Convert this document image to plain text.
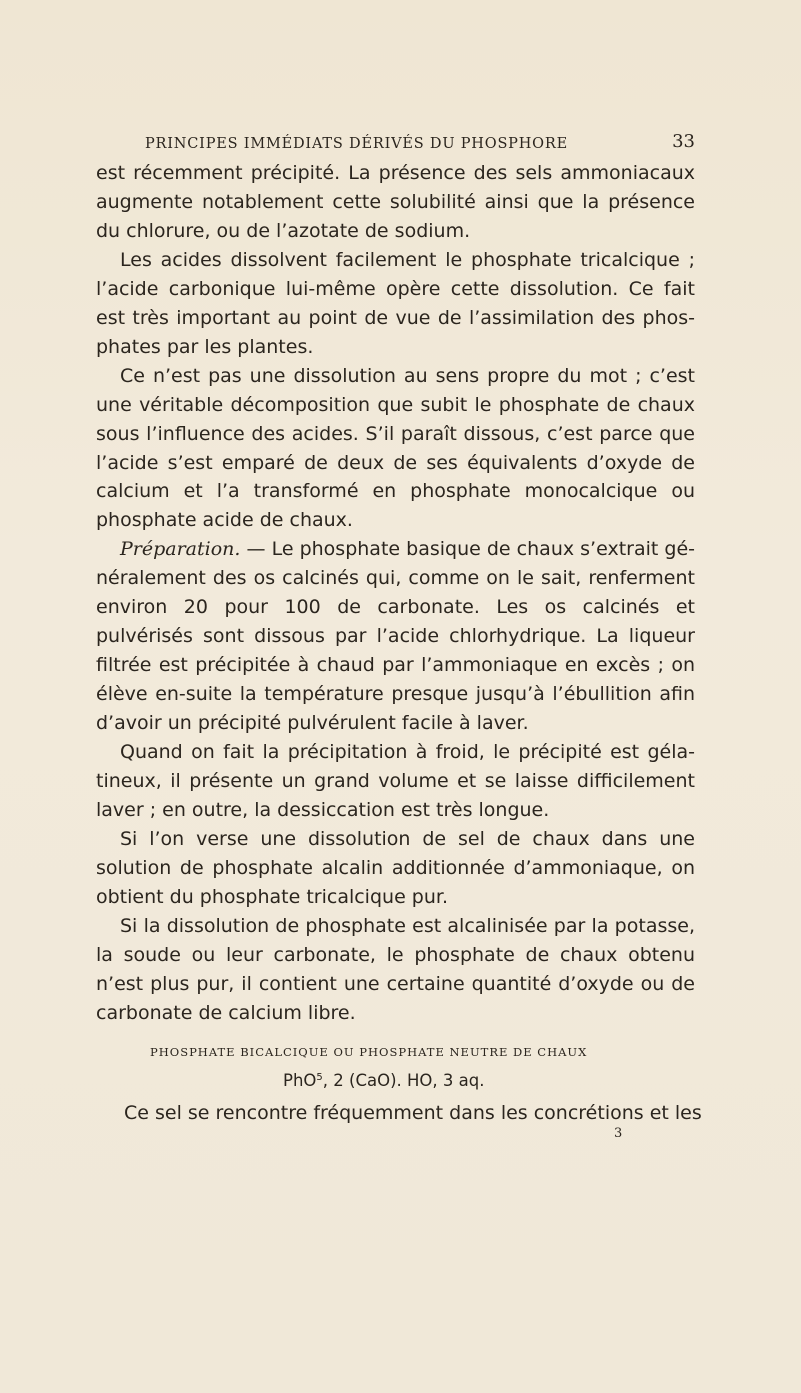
PRINCIPES IMMÉDIATS DÉRIVÉS DU PHOSPHORE	33

est récemment précipité. La présence des sels ammoniacaux augmente notablement cette solubilité ainsi que la présence du chlorure, ou de l’azotate de sodium.

Les acides dissolvent facilement le phosphate tricalcique ; l’acide carbonique lui-même opère cette dissolution. Ce fait est très important au point de vue de l’assimilation des phos-phates par les plantes.

Ce n’est pas une dissolution au sens propre du mot ; c’est une véritable décomposition que subit le phosphate de chaux sous l’influence des acides. S’il paraît dissous, c’est parce que l’acide s’est emparé de deux de ses équivalents d’oxyde de calcium et l’a transformé en phosphate monocalcique ou phosphate acide de chaux.

Préparation. — Le phosphate basique de chaux s’extrait gé-néralement des os calcinés qui, comme on le sait, renferment environ 20 pour 100 de carbonate. Les os calcinés et pulvérisés sont dissous par l’acide chlorhydrique. La liqueur filtrée est précipitée à chaud par l’ammoniaque en excès ; on élève en-suite la température presque jusqu’à l’ébullition afin d’avoir un précipité pulvérulent facile à laver.

Quand on fait la précipitation à froid, le précipité est géla-tineux, il présente un grand volume et se laisse difficilement laver ; en outre, la dessiccation est très longue.

Si l’on verse une dissolution de sel de chaux dans une solution de phosphate alcalin additionnée d’ammoniaque, on obtient du phosphate tricalcique pur.

Si la dissolution de phosphate est alcalinisée par la potasse, la soude ou leur carbonate, le phosphate de chaux obtenu n’est plus pur, il contient une certaine quantité d’oxyde ou de carbonate de calcium libre.

PHOSPHATE BICALCIQUE OU PHOSPHATE NEUTRE DE CHAUX
PhO$^5$, 2 (CaO). HO, 3 aq.
Ce sel se rencontre fréquemment dans les concrétions et les
3
